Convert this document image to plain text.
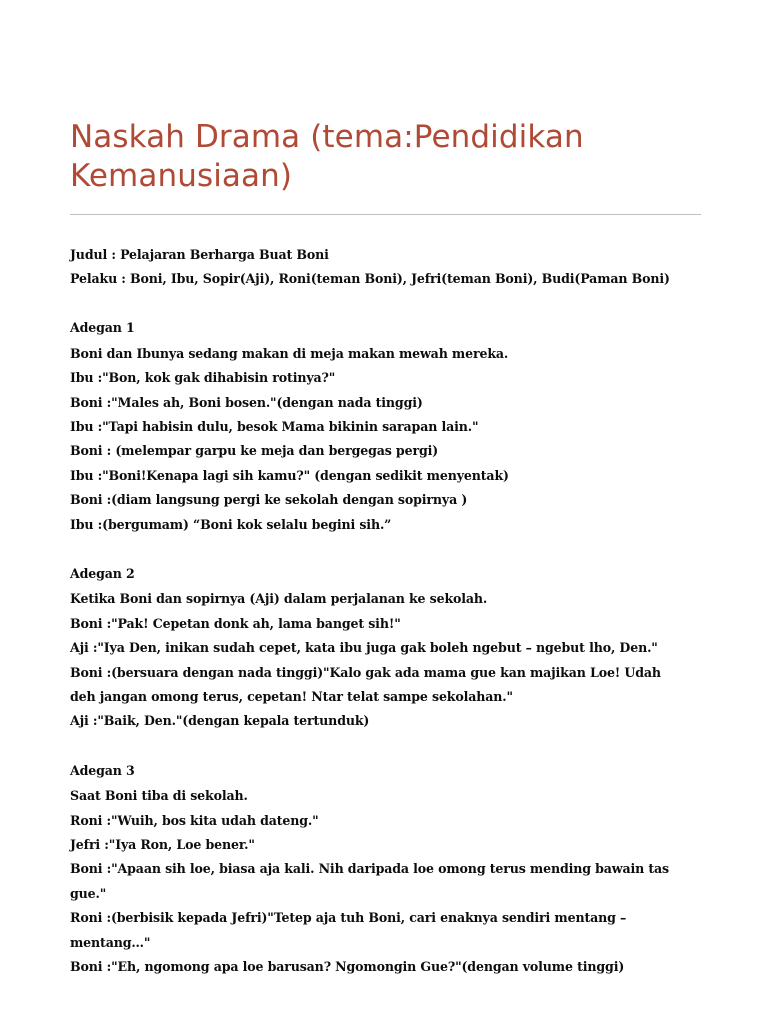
Naskah Drama (tema:Pendidikan Kemanusiaan)

Judul : Pelajaran Berharga Buat Boni

Pelaku : Boni, Ibu, Sopir(Aji), Roni(teman Boni), Jefri(teman Boni), Budi(Paman Boni)

Adegan 1

Boni dan Ibunya sedang makan di meja makan mewah mereka.

Ibu :"Bon, kok gak dihabisin rotinya?"

Boni :"Males ah, Boni bosen."(dengan nada tinggi)

Ibu :"Tapi habisin dulu, besok Mama bikinin sarapan lain."

Boni : (melempar garpu ke meja dan bergegas pergi)

Ibu :"Boni!Kenapa lagi sih kamu?" (dengan sedikit menyentak)

Boni :(diam langsung pergi ke sekolah dengan sopirnya )

Ibu :(bergumam) “Boni kok selalu begini sih.”

Adegan 2

Ketika Boni dan sopirnya (Aji) dalam perjalanan ke sekolah.

Boni :"Pak! Cepetan donk ah, lama banget sih!"

Aji :"Iya Den, inikan sudah cepet, kata ibu juga gak boleh ngebut – ngebut lho, Den."

Boni :(bersuara dengan nada tinggi)"Kalo gak ada mama gue kan majikan Loe! Udah deh jangan omong terus, cepetan! Ntar telat sampe sekolahan."

Aji :"Baik, Den."(dengan kepala tertunduk)

Adegan 3

Saat Boni tiba di sekolah.

Roni :"Wuih, bos kita udah dateng."

Jefri :"Iya Ron, Loe bener."

Boni :"Apaan sih loe, biasa aja kali. Nih daripada loe omong terus mending bawain tas gue."

Roni :(berbisik kepada Jefri)"Tetep aja tuh Boni, cari enaknya sendiri mentang – mentang…"

Boni :"Eh, ngomong apa loe barusan? Ngomongin Gue?"(dengan volume tinggi)
